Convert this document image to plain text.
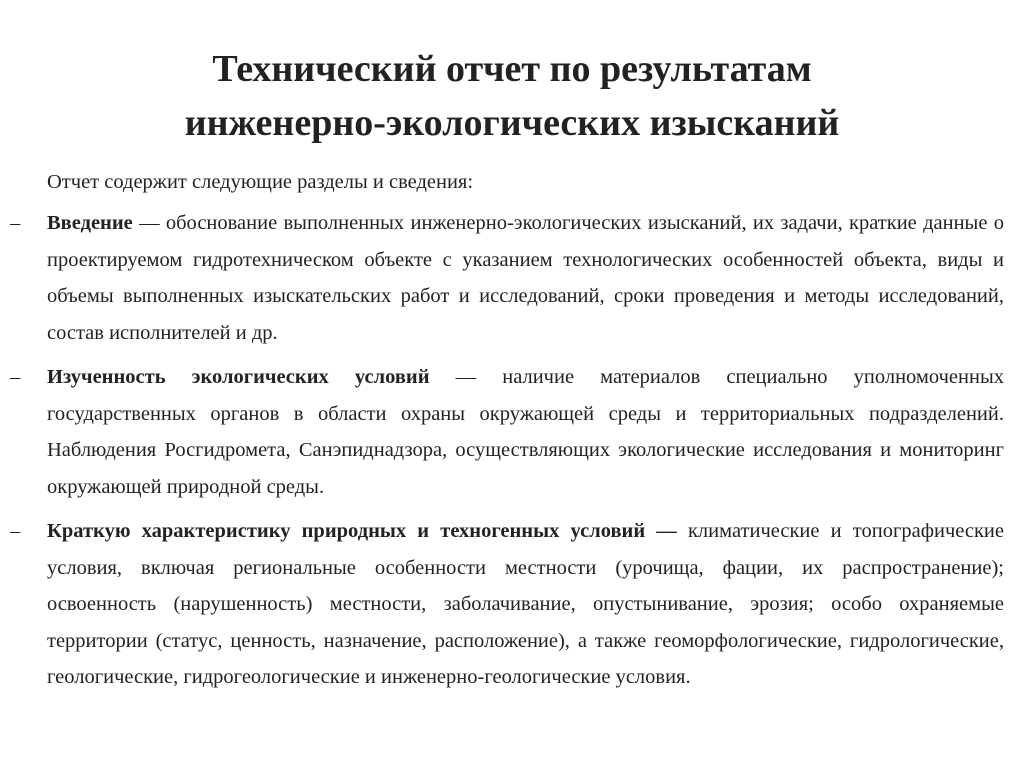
Технический отчет по результатам
инженерно-экологических изысканий
Отчет содержит следующие разделы и сведения:
– Введение — обоснование выполненных инженерно-экологических изысканий, их задачи, краткие данные о проектируемом гидротехническом объекте с указанием технологических особенностей объекта, виды и объемы выполненных изыскательских работ и исследований, сроки проведения и методы исследований, состав исполнителей и др.

– Изученность экологических условий — наличие материалов специально уполномоченных государственных органов в области охраны окружающей среды и территориальных подразделений. Наблюдения Росгидромета, Санэпиднадзора, осуществляющих экологические исследования и мониторинг окружающей природной среды.

– Краткую характеристику природных и техногенных условий — климатические и топографические условия, включая региональные особенности местности (урочища, фации, их распространение); освоенность (нарушенность) местности, заболачивание, опустынивание, эрозия; особо охраняемые территории (статус, ценность, назначение, расположение), а также геоморфологические, гидрологические, геологические, гидрогеологические и инженерно-геологические условия.
